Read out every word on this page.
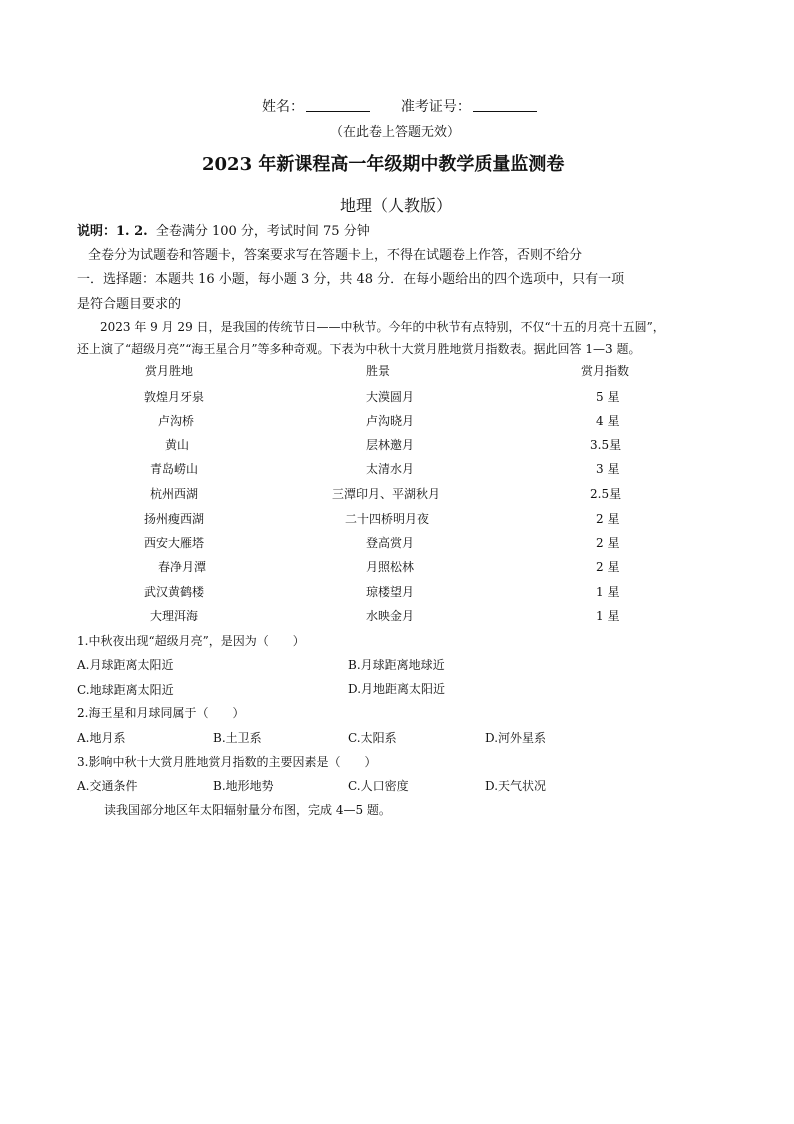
姓名：	准考证号：
（在此卷上答题无效）
2023 年新课程高一年级期中教学质量监测卷
地理（人教版）
说明：1. 2. 全卷满分 100 分，考试时间 75 分钟
全卷分为试题卷和答题卡，答案要求写在答题卡上，不得在试题卷上作答，否则不给分
一．选择题：本题共 16 小题，每小题 3 分，共 48 分．在每小题给出的四个选项中，只有一项
是符合题目要求的
2023 年 9 月 29 日，是我国的传统节日——中秋节。今年的中秋节有点特别，不仅“十五的月亮十五圆”，
还上演了“超级月亮”“海王星合月”等多种奇观。下表为中秋十大赏月胜地赏月指数表。据此回答 1—3 题。
赏月胜地	胜景	赏月指数
敦煌月牙泉	大漠圆月	5 星
卢沟桥	卢沟晓月	4 星
黄山	层林邀月	3.5星
青岛崂山	太清水月	3 星
杭州西湖	三潭印月、平湖秋月	2.5星
扬州瘦西湖	二十四桥明月夜	2 星
西安大雁塔	登高赏月	2 星
春净月潭	月照松林	2 星
武汉黄鹤楼	琼楼望月	1 星
大理洱海	水映金月	1 星
1.中秋夜出现“超级月亮”，是因为（　　）
A.月球距离太阳近	B.月球距离地球近
C.地球距离太阳近	D.月地距离太阳近
2.海王星和月球同属于（　　）
A.地月系	B.土卫系	C.太阳系	D.河外星系
3.影响中秋十大赏月胜地赏月指数的主要因素是（　　）
A.交通条件	B.地形地势	C.人口密度	D.天气状况
读我国部分地区年太阳辐射量分布图，完成 4—5 题。
